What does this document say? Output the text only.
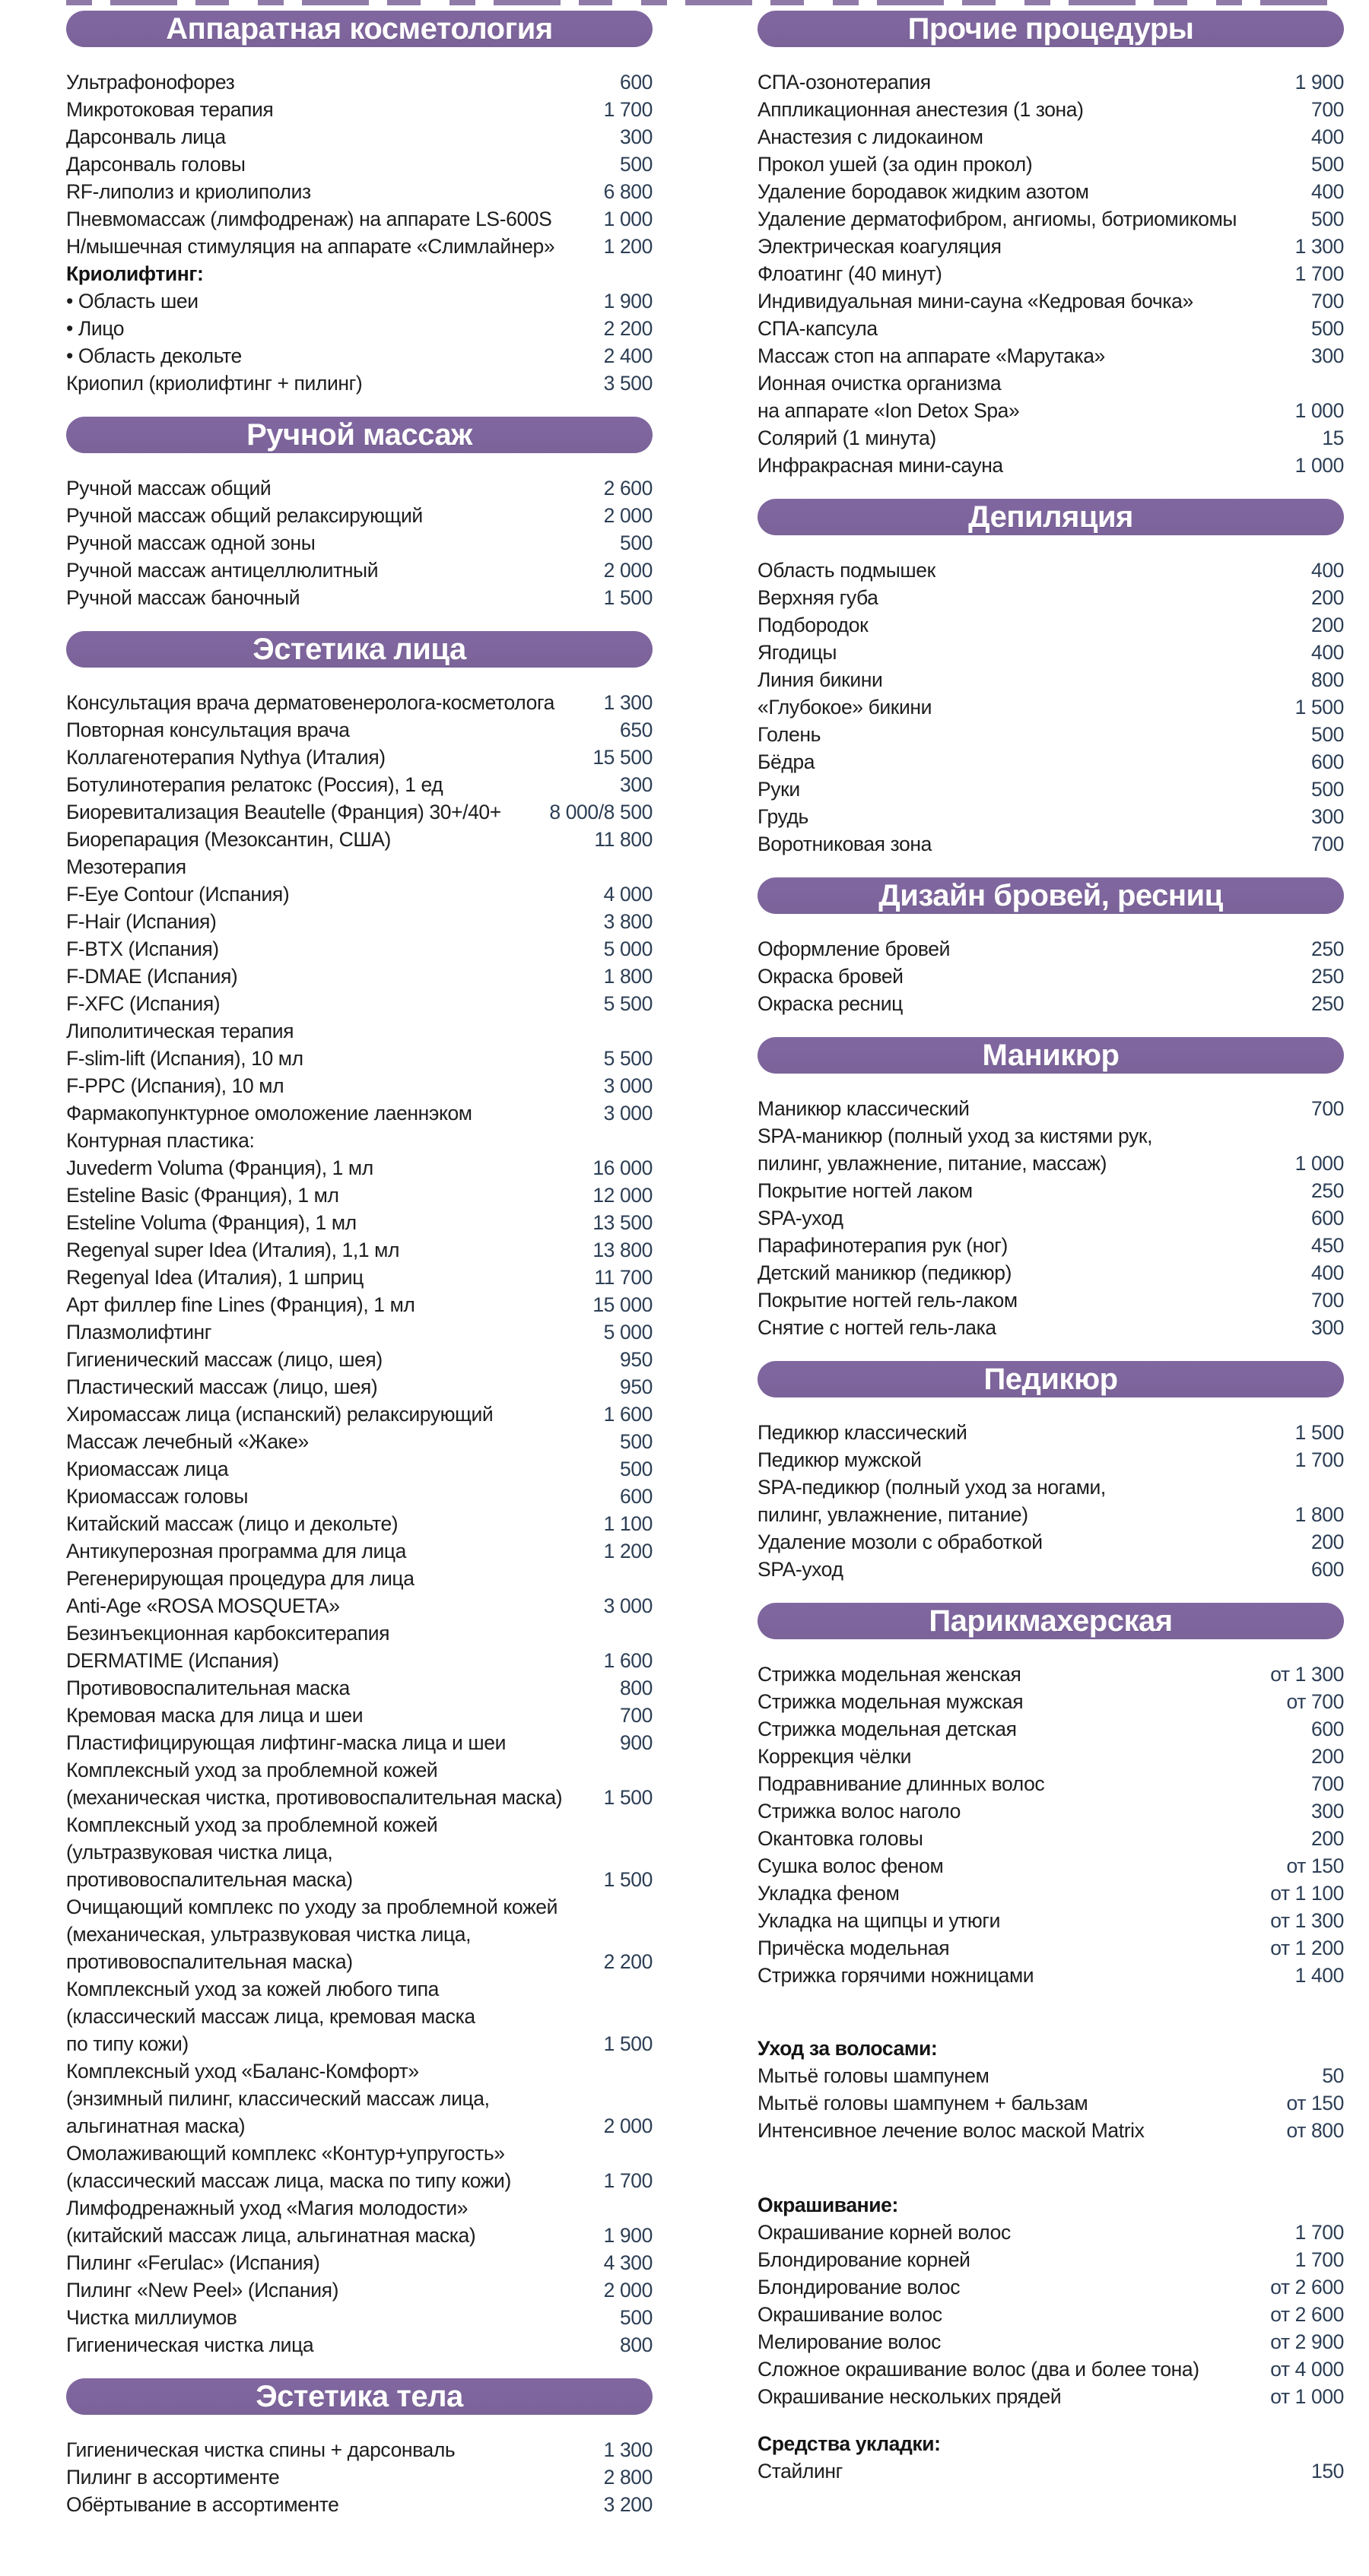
Аппаратная косметология
Ультрафонофорез	600
Микротоковая терапия	1 700
Дарсонваль лица	300
Дарсонваль головы	500
RF-липолиз и криолиполиз	6 800
Пневмомассаж (лимфодренаж) на аппарате LS-600S	1 000
Н/мышечная стимуляция на аппарате «Слимлайнер»	1 200
Криолифтинг:
• Область шеи	1 900
• Лицо	2 200
• Область декольте	2 400
Криопил (криолифтинг + пилинг)	3 500
Ручной массаж
Ручной массаж общий	2 600
Ручной массаж общий релаксирующий	2 000
Ручной массаж одной зоны	500
Ручной массаж антицеллюлитный	2 000
Ручной массаж баночный	1 500
Эстетика лица
Консультация врача дерматовенеролога-косметолога	1 300
Повторная консультация врача	650
Коллагенотерапия Nythya (Италия)	15 500
Ботулинотерапия релатокс (Россия), 1 ед	300
Биоревитализация Beautelle (Франция) 30+/40+	8 000/8 500
Биорепарация (Мезоксантин, США)	11 800
Мезотерапия
F-Eye Contour (Испания)	4 000
F-Hair (Испания)	3 800
F-BTX (Испания)	5 000
F-DMAE (Испания)	1 800
F-XFC (Испания)	5 500
Липолитическая терапия
F-slim-lift (Испания), 10 мл	5 500
F-PPC (Испания), 10 мл	3 000
Фармакопунктурное омоложение лаеннэком	3 000
Контурная пластика:
Juvederm Voluma (Франция), 1 мл	16 000
Esteline Basic (Франция), 1 мл	12 000
Esteline Voluma (Франция), 1 мл	13 500
Regenyal super Idea (Италия), 1,1 мл	13 800
Regenyal Idea (Италия), 1 шприц	11 700
Арт филлер fine Lines (Франция), 1 мл	15 000
Плазмолифтинг	5 000
Гигиенический массаж (лицо, шея)	950
Пластический массаж (лицо, шея)	950
Хиромассаж лица (испанский) релаксирующий	1 600
Массаж лечебный «Жаке»	500
Криомассаж лица	500
Криомассаж головы	600
Китайский массаж (лицо и декольте)	1 100
Антикуперозная программа для лица	1 200
Регенерирующая процедура для лица
Anti-Age «ROSA MOSQUETA»	3 000
Безинъекционная карбокситерапия
DERMATIME (Испания)	1 600
Противовоспалительная маска	800
Кремовая маска для лица и шеи	700
Пластифицирующая лифтинг-маска лица и шеи	900
Комплексный уход за проблемной кожей
(механическая чистка, противовоспалительная маска)	1 500
Комплексный уход за проблемной кожей
(ультразвуковая чистка лица,
противовоспалительная маска)	1 500
Очищающий комплекс по уходу за проблемной кожей
(механическая, ультразвуковая чистка лица,
противовоспалительная маска)	2 200
Комплексный уход за кожей любого типа
(классический массаж лица, кремовая маска
по типу кожи)	1 500
Комплексный уход «Баланс-Комфорт»
(энзимный пилинг, классический массаж лица,
альгинатная маска)	2 000
Омолаживающий комплекс «Контур+упругость»
(классический массаж лица, маска по типу кожи)	1 700
Лимфодренажный уход «Магия молодости»
(китайский массаж лица, альгинатная маска)	1 900
Пилинг «Ferulac» (Испания)	4 300
Пилинг «New Peel» (Испания)	2 000
Чистка миллиумов	500
Гигиеническая чистка лица	800
Эстетика тела
Гигиеническая чистка спины + дарсонваль	1 300
Пилинг в ассортименте	2 800
Обёртывание в ассортименте	3 200
Прочие процедуры
СПА-озонотерапия	1 900
Аппликационная анестезия (1 зона)	700
Анастезия с лидокаином	400
Прокол ушей (за один прокол)	500
Удаление бородавок жидким азотом	400
Удаление дерматофибром, ангиомы, ботриомикомы	500
Электрическая коагуляция	1 300
Флоатинг (40 минут)	1 700
Индивидуальная мини-сауна «Кедровая бочка»	700
СПА-капсула	500
Массаж стоп на аппарате «Марутака»	300
Ионная очистка организма
на аппарате «Ion Detox Spa»	1 000
Солярий (1 минута)	15
Инфракрасная мини-сауна	1 000
Депиляция
Область подмышек	400
Верхняя губа	200
Подбородок	200
Ягодицы	400
Линия бикини	800
«Глубокое» бикини	1 500
Голень	500
Бёдра	600
Руки	500
Грудь	300
Воротниковая зона	700
Дизайн бровей, ресниц
Оформление бровей	250
Окраска бровей	250
Окраска ресниц	250
Маникюр
Маникюр классический	700
SPA-маникюр (полный уход за кистями рук,
пилинг, увлажнение, питание, массаж)	1 000
Покрытие ногтей лаком	250
SPA-уход	600
Парафинотерапия рук (ног)	450
Детский маникюр (педикюр)	400
Покрытие ногтей гель-лаком	700
Снятие с ногтей гель-лака	300
Педикюр
Педикюр классический	1 500
Педикюр мужской	1 700
SPA-педикюр (полный уход за ногами,
пилинг, увлажнение, питание)	1 800
Удаление мозоли с обработкой	200
SPA-уход	600
Парикмахерская
Стрижка модельная женская	от 1 300
Стрижка модельная мужская	от 700
Стрижка модельная детская	600
Коррекция чёлки	200
Подравнивание длинных волос	700
Стрижка волос наголо	300
Окантовка головы	200
Сушка волос феном	от 150
Укладка феном	от 1 100
Укладка на щипцы и утюги	от 1 300
Причёска модельная	от 1 200
Стрижка горячими ножницами	1 400
Уход за волосами:
Мытьё головы шампунем	50
Мытьё головы шампунем + бальзам	от 150
Интенсивное лечение волос маской Matrix	от 800
Окрашивание:
Окрашивание корней волос	1 700
Блондирование корней	1 700
Блондирование волос	от 2 600
Окрашивание волос	от 2 600
Мелирование волос	от 2 900
Сложное окрашивание волос (два и более тона)	от 4 000
Окрашивание нескольких прядей	от 1 000
Средства укладки:
Стайлинг	150
